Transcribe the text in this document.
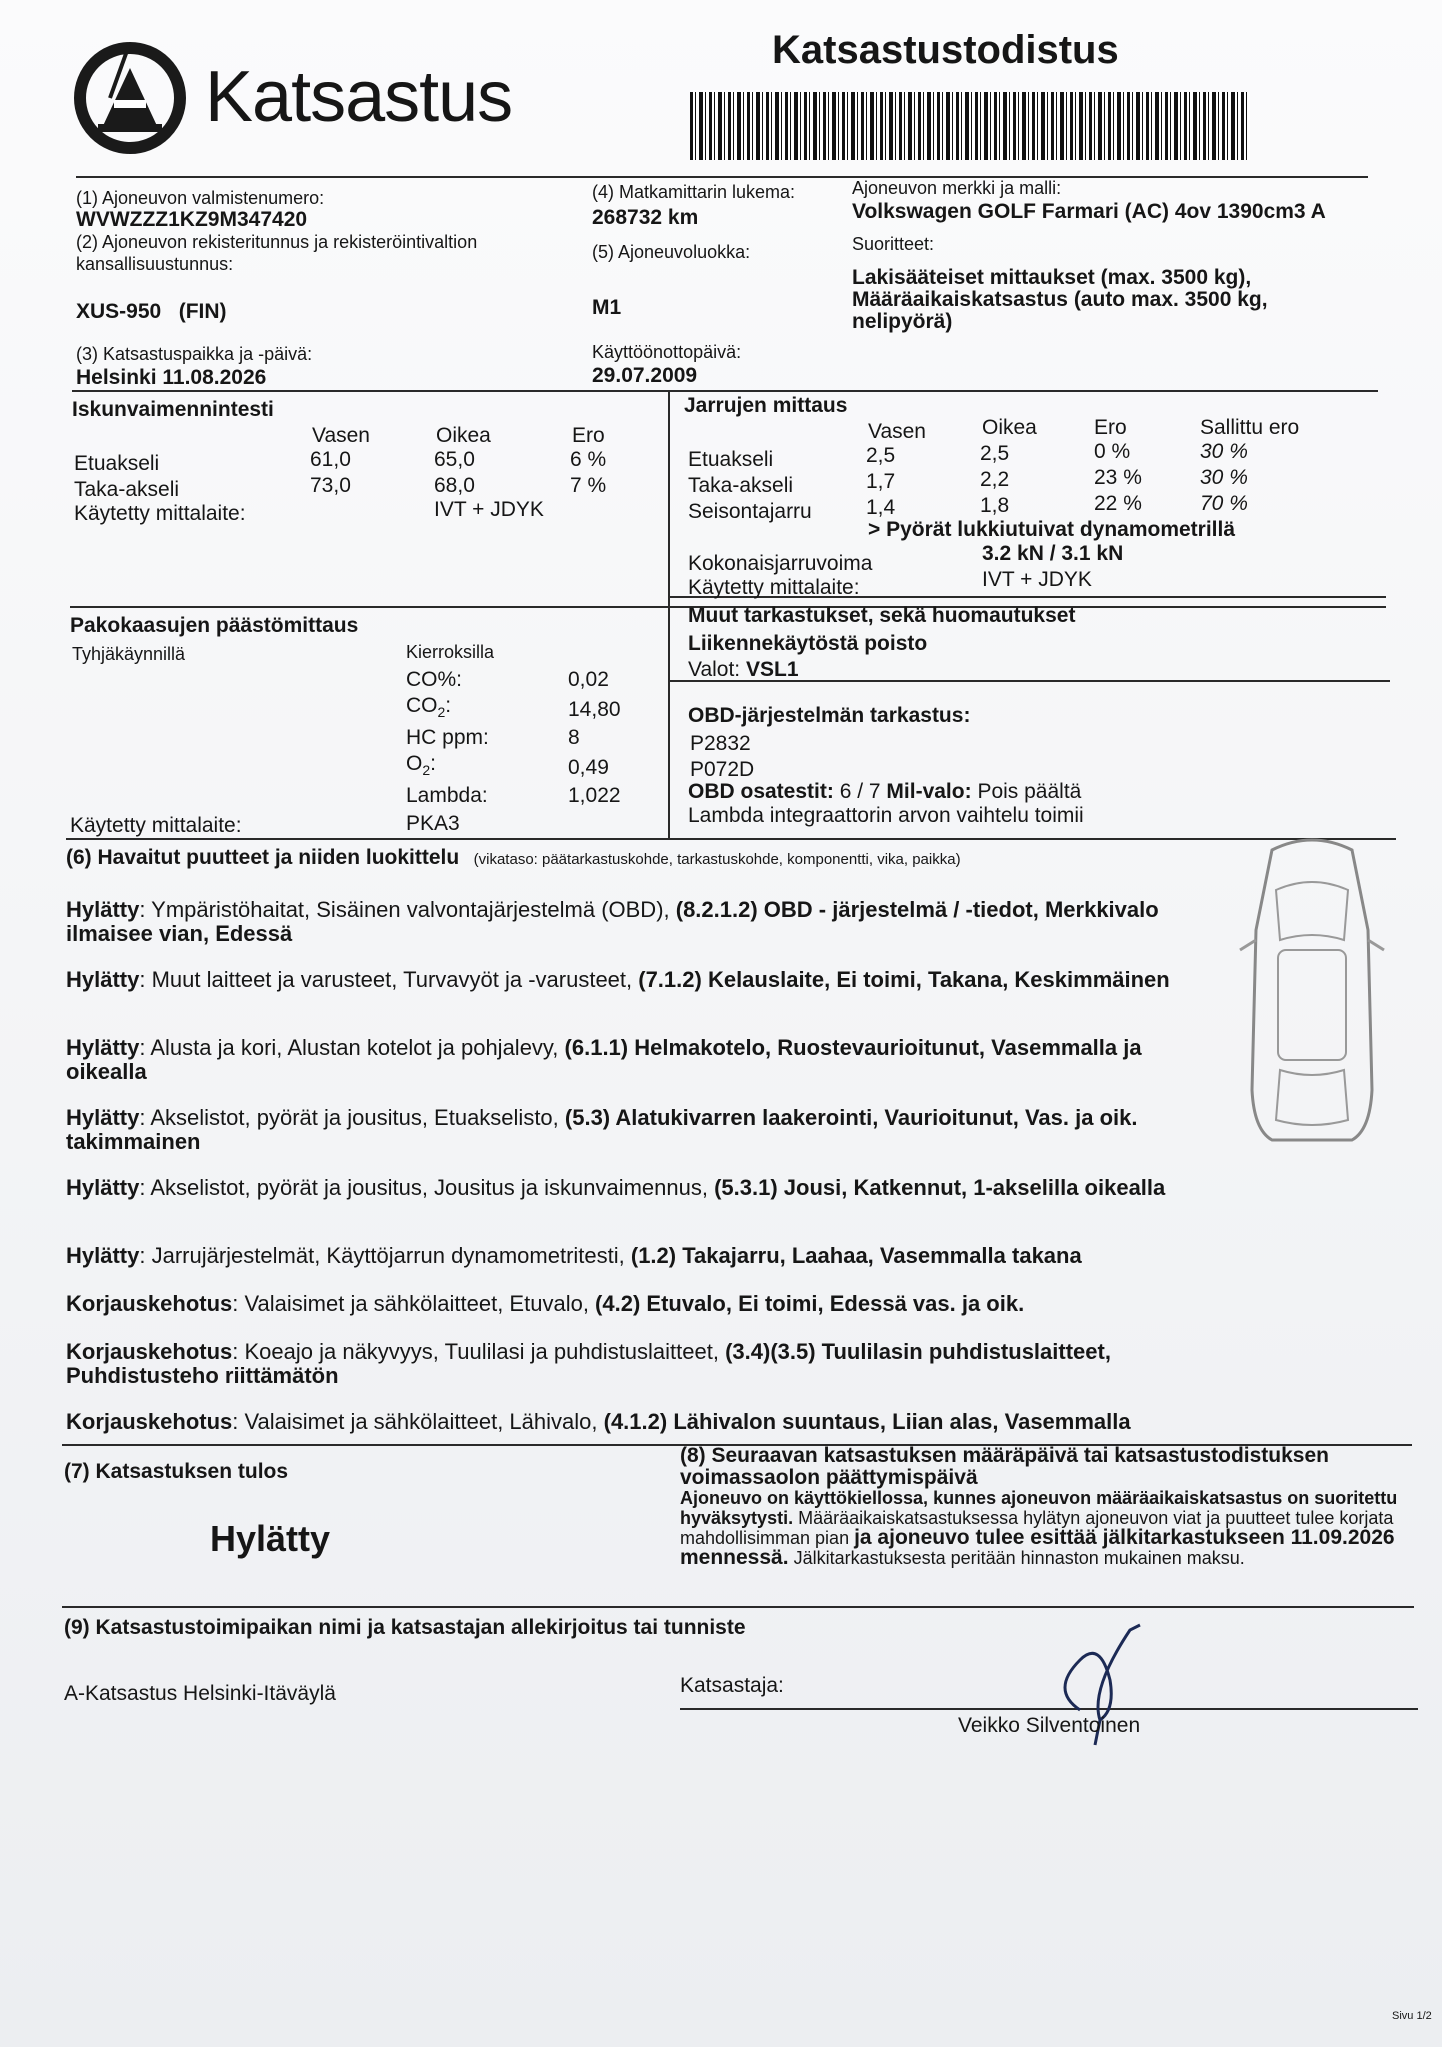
Katsastus
Katsastustodistus
(1) Ajoneuvon valmistenumero:
WVWZZZ1KZ9M347420
(2) Ajoneuvon rekisteritunnus ja rekisteröintivaltion
kansallisuustunnus:
XUS-950   (FIN)
(3) Katsastuspaikka ja -päivä:
Helsinki 11.08.2026
(4) Matkamittarin lukema:
268732 km
(5) Ajoneuvoluokka:
M1
Käyttöönottopäivä:
29.07.2009
Ajoneuvon merkki ja malli:
Volkswagen GOLF Farmari (AC) 4ov 1390cm3 A
Suoritteet:
Lakisääteiset mittaukset (max. 3500 kg),
Määräaikaiskatsastus (auto max. 3500 kg,
nelipyörä)
Iskunvaimennintesti
Vasen	Oikea	Ero
Etuakseli	61,0	65,0	6 %
Taka-akseli	73,0	68,0	7 %
Käytetty mittalaite:	IVT + JDYK
Jarrujen mittaus
Vasen	Oikea	Ero	Sallittu ero
Etuakseli	2,5	2,5	0 %	30 %
Taka-akseli	1,7	2,2	23 %	30 %
Seisontajarru	1,4	1,8	22 %	70 %
> Pyörät lukkiutuivat dynamometrillä
Kokonaisjarruvoima	3.2 kN / 3.1 kN
Käytetty mittalaite:	IVT + JDYK
Pakokaasujen päästömittaus
Tyhjäkäynnillä	Kierroksilla
CO%:	0,02
$CO_2$:	14,80
HC ppm:	8
$O_2$:	0,49
Lambda:	1,022
Käytetty mittalaite:	PKA3
Muut tarkastukset, sekä huomautukset
Liikennekäytöstä poisto
Valot: VSL1
OBD-järjestelmän tarkastus:
P2832
P072D
OBD osatestit: 6 / 7 Mil-valo: Pois päältä
Lambda integraattorin arvon vaihtelu toimii
(6) Havaitut puutteet ja niiden luokittelu (vikataso: päätarkastuskohde, tarkastuskohde, komponentti, vika, paikka)
Hylätty: Ympäristöhaitat, Sisäinen valvontajärjestelmä (OBD), (8.2.1.2) OBD - järjestelmä / -tiedot, Merkkivalo ilmaisee vian, Edessä
Hylätty: Muut laitteet ja varusteet, Turvavyöt ja -varusteet, (7.1.2) Kelauslaite, Ei toimi, Takana, Keskimmäinen
Hylätty: Alusta ja kori, Alustan kotelot ja pohjalevy, (6.1.1) Helmakotelo, Ruostevaurioitunut, Vasemmalla ja oikealla
Hylätty: Akselistot, pyörät ja jousitus, Etuakselisto, (5.3) Alatukivarren laakerointi, Vaurioitunut, Vas. ja oik. takimmainen
Hylätty: Akselistot, pyörät ja jousitus, Jousitus ja iskunvaimennus, (5.3.1) Jousi, Katkennut, 1-akselilla oikealla
Hylätty: Jarrujärjestelmät, Käyttöjarrun dynamometritesti, (1.2) Takajarru, Laahaa, Vasemmalla takana
Korjauskehotus: Valaisimet ja sähkölaitteet, Etuvalo, (4.2) Etuvalo, Ei toimi, Edessä vas. ja oik.
Korjauskehotus: Koeajo ja näkyvyys, Tuulilasi ja puhdistuslaitteet, (3.4)(3.5) Tuulilasin puhdistuslaitteet, Puhdistusteho riittämätön
Korjauskehotus: Valaisimet ja sähkölaitteet, Lähivalo, (4.1.2) Lähivalon suuntaus, Liian alas, Vasemmalla
(7) Katsastuksen tulos
Hylätty
(8) Seuraavan katsastuksen määräpäivä tai katsastustodistuksen
voimassaolon päättymispäivä
Ajoneuvo on käyttökiellossa, kunnes ajoneuvon määräaikaiskatsastus on suoritettu hyväksytysti. Määräaikaiskatsastuksessa hylätyn ajoneuvon viat ja puutteet tulee korjata mahdollisimman pian ja ajoneuvo tulee esittää jälkitarkastukseen 11.09.2026 mennessä. Jälkitarkastuksesta peritään hinnaston mukainen maksu.
(9) Katsastustoimipaikan nimi ja katsastajan allekirjoitus tai tunniste
A-Katsastus Helsinki-Itäväylä	Katsastaja:
Veikko Silventoinen
Sivu 1/2
